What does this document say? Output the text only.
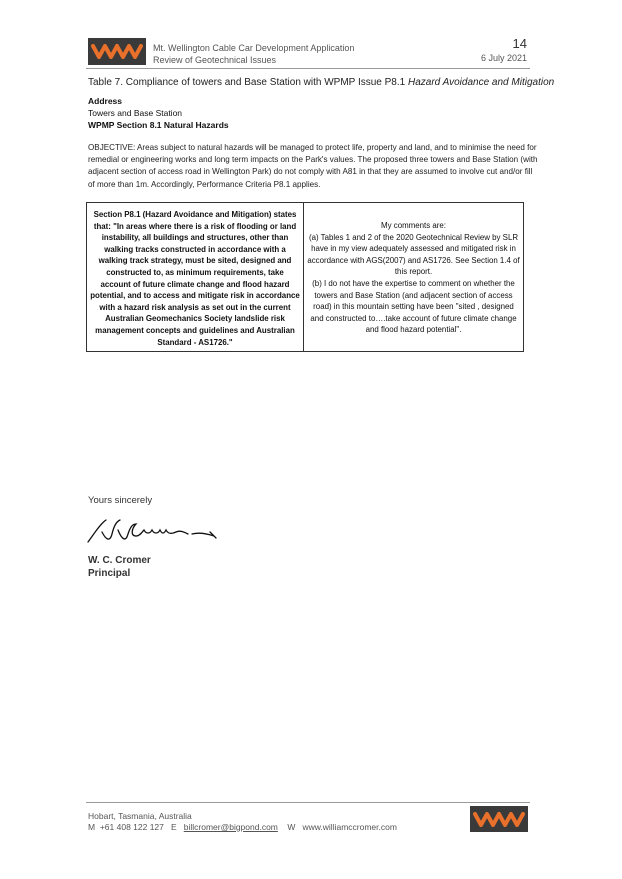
Mt. Wellington Cable Car Development Application
Review of Geotechnical Issues
14
6 July 2021
Table 7. Compliance of towers and Base Station with WPMP Issue P8.1 Hazard Avoidance and Mitigation
Address
Towers and Base Station
WPMP Section 8.1 Natural Hazards
OBJECTIVE: Areas subject to natural hazards will be managed to protect life, property and land, and to minimise the need for remedial or engineering works and long term impacts on the Park's values. The proposed three towers and Base Station (with adjacent section of access road in Wellington Park) do not comply with A81 in that they are assumed to involve cut and/or fill of more than 1m. Accordingly, Performance Criteria P8.1 applies.
Section P8.1 (Hazard Avoidance and Mitigation) states that: "In areas where there is a risk of flooding or land instability, all buildings and structures, other than walking tracks constructed in accordance with a walking track strategy, must be sited, designed and constructed to, as minimum requirements, take account of future climate change and flood hazard potential, and to access and mitigate risk in accordance with a hazard risk analysis as set out in the current Australian Geomechanics Society landslide risk management concepts and guidelines and Australian Standard - AS1726."

My comments are:

(a) Tables 1 and 2 of the 2020 Geotechnical Review by SLR have in my view adequately assessed and mitigated risk in accordance with AGS(2007) and AS1726. See Section 1.4 of this report.

(b) I do not have the expertise to comment on whether the towers and Base Station (and adjacent section of access road) in this mountain setting have been "sited , designed and constructed to….take account of future climate change and flood hazard potential".

Yours sincerely
W. C. Cromer
Principal
Hobart, Tasmania, Australia
M +61 408 122 127 E billcromer@bigpond.com W www.williamccromer.com
